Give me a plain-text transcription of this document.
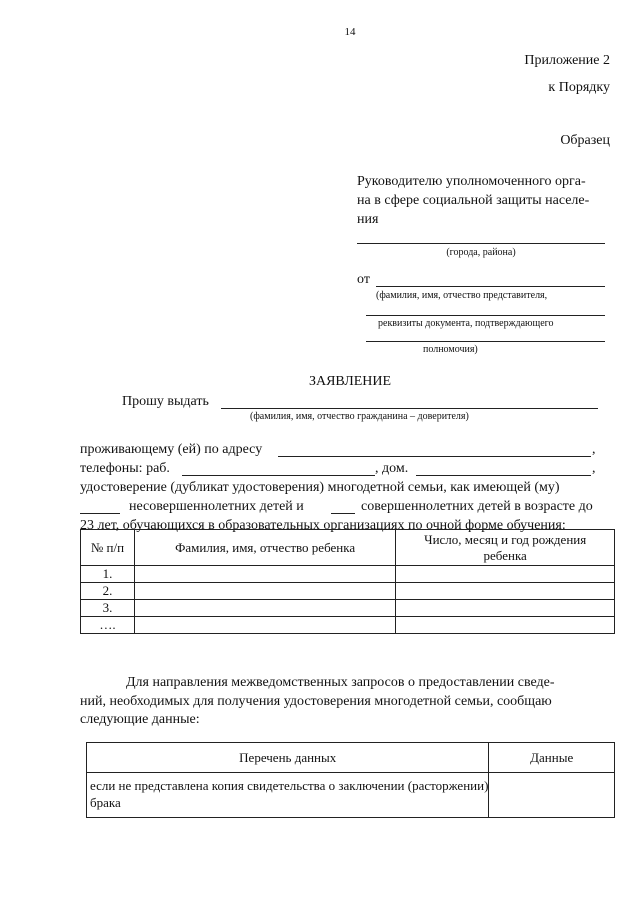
14
Приложение 2
к Порядку
Образец
Руководителю уполномоченного орга-
на в сфере социальной защиты населе-
ния
(города, района)
от
(фамилия, имя, отчество представителя,
реквизиты документа, подтверждающего
полномочия)
ЗАЯВЛЕНИЕ
Прошу выдать
(фамилия, имя, отчество гражданина – доверителя)
проживающему (ей) по адресу	,
телефоны: раб.	, дом.	,
удостоверение (дубликат удостоверения) многодетной семьи, как имеющей (му)
несовершеннолетних детей и	совершеннолетних детей в возрасте до
23 лет, обучающихся в образовательных организациях по очной форме обучения:
№ п/п	Фамилия, имя, отчество ребенка	Число, месяц и год рождения ребенка
1.		
2.		
3.		
….		
Для направления межведомственных запросов о предоставлении сведе-
ний, необходимых для получения удостоверения многодетной семьи, сообщаю
следующие данные:
Перечень данных	Данные

если не представлена копия свидетельства о заключении (расторжении)
брака	
